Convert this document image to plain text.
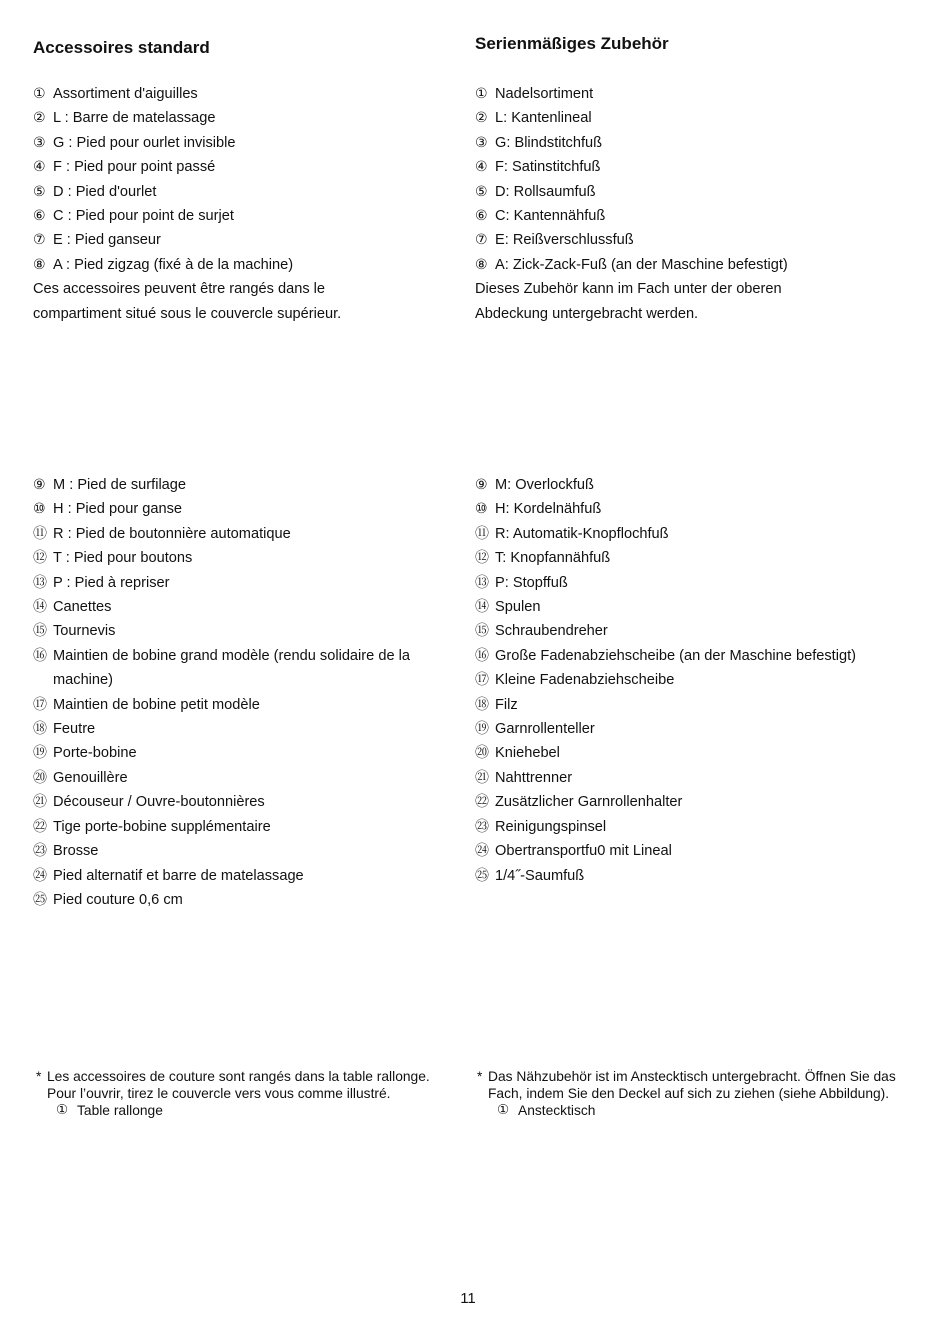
Accessoires standard
① Assortiment d'aiguilles
② L : Barre de matelassage
③ G : Pied pour ourlet invisible
④ F : Pied pour point passé
⑤ D : Pied d'ourlet
⑥ C : Pied pour point de surjet
⑦ E : Pied ganseur
⑧ A : Pied zigzag (fixé à de la machine)
Ces accessoires peuvent être rangés dans le
compartiment situé sous le couvercle supérieur.
⑨ M : Pied de surfilage
⑩ H : Pied pour ganse
⑪ R : Pied de boutonnière automatique
⑫ T : Pied pour boutons
⑬ P : Pied à repriser
⑭ Canettes
⑮ Tournevis
⑯ Maintien de bobine grand modèle (rendu solidaire de la machine)
⑰ Maintien de bobine petit modèle
⑱ Feutre
⑲ Porte-bobine
⑳ Genouillère
㉑ Découseur / Ouvre-boutonnières
㉒ Tige porte-bobine supplémentaire
㉓ Brosse
㉔ Pied alternatif et barre de matelassage
㉕ Pied couture 0,6 cm
Serienmäßiges Zubehör
① Nadelsortiment
② L: Kantenlineal
③ G: Blindstitchfuß
④ F: Satinstitchfuß
⑤ D: Rollsaumfuß
⑥ C: Kantennähfuß
⑦ E: Reißverschlussfuß
⑧ A: Zick-Zack-Fuß (an der Maschine befestigt)
Dieses Zubehör kann im Fach unter der oberen
Abdeckung untergebracht werden.
⑨ M: Overlockfuß
⑩ H: Kordelnähfuß
⑪ R: Automatik-Knopflochfuß
⑫ T: Knopfannähfuß
⑬ P: Stopffuß
⑭ Spulen
⑮ Schraubendreher
⑯ Große Fadenabziehscheibe (an der Maschine befestigt)
⑰ Kleine Fadenabziehscheibe
⑱ Filz
⑲ Garnrollenteller
⑳ Kniehebel
㉑ Nahttrenner
㉒ Zusätzlicher Garnrollenhalter
㉓ Reinigungspinsel
㉔ Obertransportfu0 mit Lineal
㉕ 1/4˝-Saumfuß
* Les accessoires de couture sont rangés dans la table rallonge. Pour l’ouvrir, tirez le couvercle vers vous comme illustré.
① Table rallonge
* Das Nähzubehör ist im Anstecktisch untergebracht. Öffnen Sie das Fach, indem Sie den Deckel auf sich zu ziehen (siehe Abbildung).
① Anstecktisch
11
